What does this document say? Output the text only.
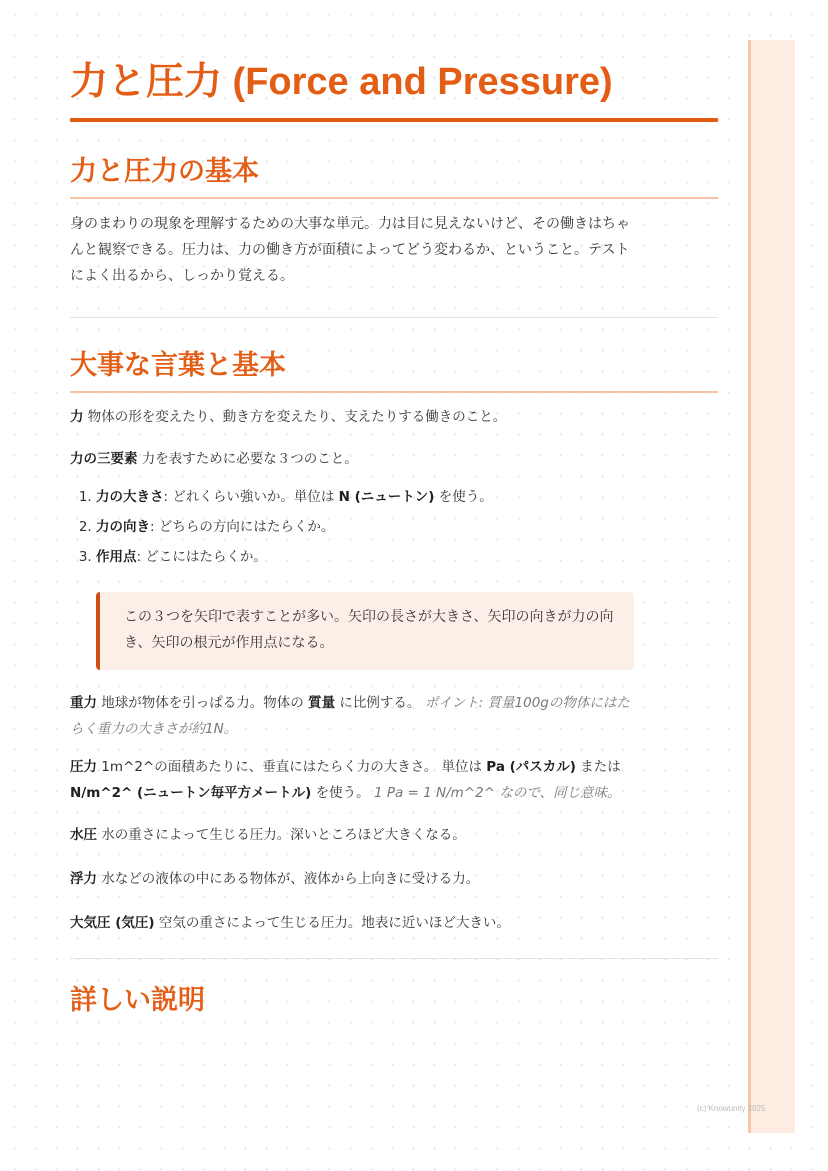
(c) Knowunity 2025
力と圧力 (Force and Pressure)
力と圧力の基本

身のまわりの現象を理解するための大事な単元。力は目に見えないけど、その働きはちゃんと観察できる。圧力は、力の働き方が面積によってどう変わるか、ということ。テストによく出るから、しっかり覚える。

大事な言葉と基本

力 物体の形を変えたり、動き方を変えたり、支えたりする働きのこと。

力の三要素 力を表すために必要な３つのこと。

1. 力の大きさ: どれくらい強いか。単位は N (ニュートン) を使う。
2. 力の向き: どちらの方向にはたらくか。
3. 作用点: どこにはたらくか。
この３つを矢印で表すことが多い。矢印の長さが大きさ、矢印の向きが力の向き、矢印の根元が作用点になる。

重力 地球が物体を引っぱる力。物体の 質量 に比例する。 ポイント: 質量100gの物体にはたらく重力の大きさが約1N。

圧力 1m^2^の面積あたりに、垂直にはたらく力の大きさ。 単位は Pa (パスカル) または N/m^2^ (ニュートン毎平方メートル) を使う。 1 Pa = 1 N/m^2^ なので、同じ意味。

水圧 水の重さによって生じる圧力。深いところほど大きくなる。

浮力 水などの液体の中にある物体が、液体から上向きに受ける力。

大気圧 (気圧) 空気の重さによって生じる圧力。地表に近いほど大きい。

詳しい説明
